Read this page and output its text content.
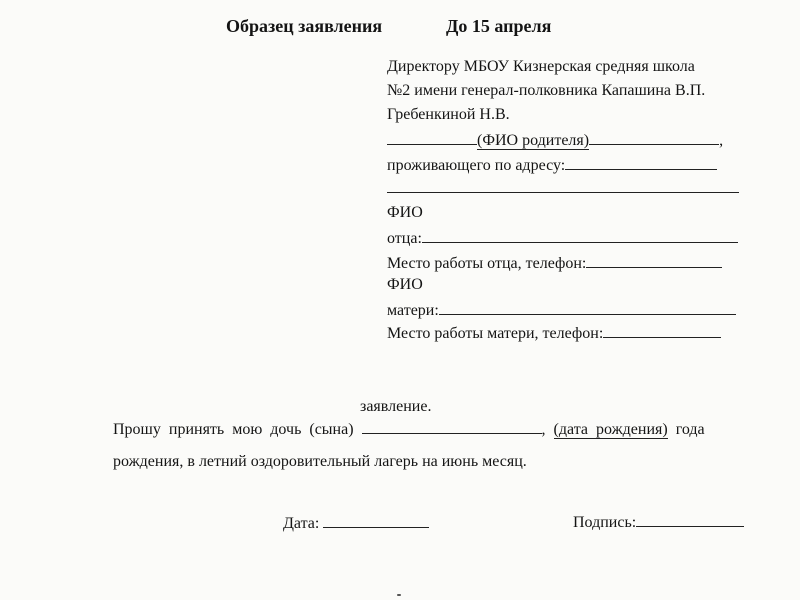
Образец заявления	До 15 апреля
Директору МБОУ Кизнерская средняя школа
№2 имени генерал-полковника Капашина В.П.
Гребенкиной Н.В.
(ФИО родителя)	,
проживающего по адресу:
ФИО
отца:
Место работы отца, телефон:
ФИО
матери:
Место работы матери, телефон:
заявление.
Прошу принять мою дочь (сына)	, (дата рождения) года
рождения, в летний оздоровительный лагерь на июнь месяц.
Дата:	Подпись:
